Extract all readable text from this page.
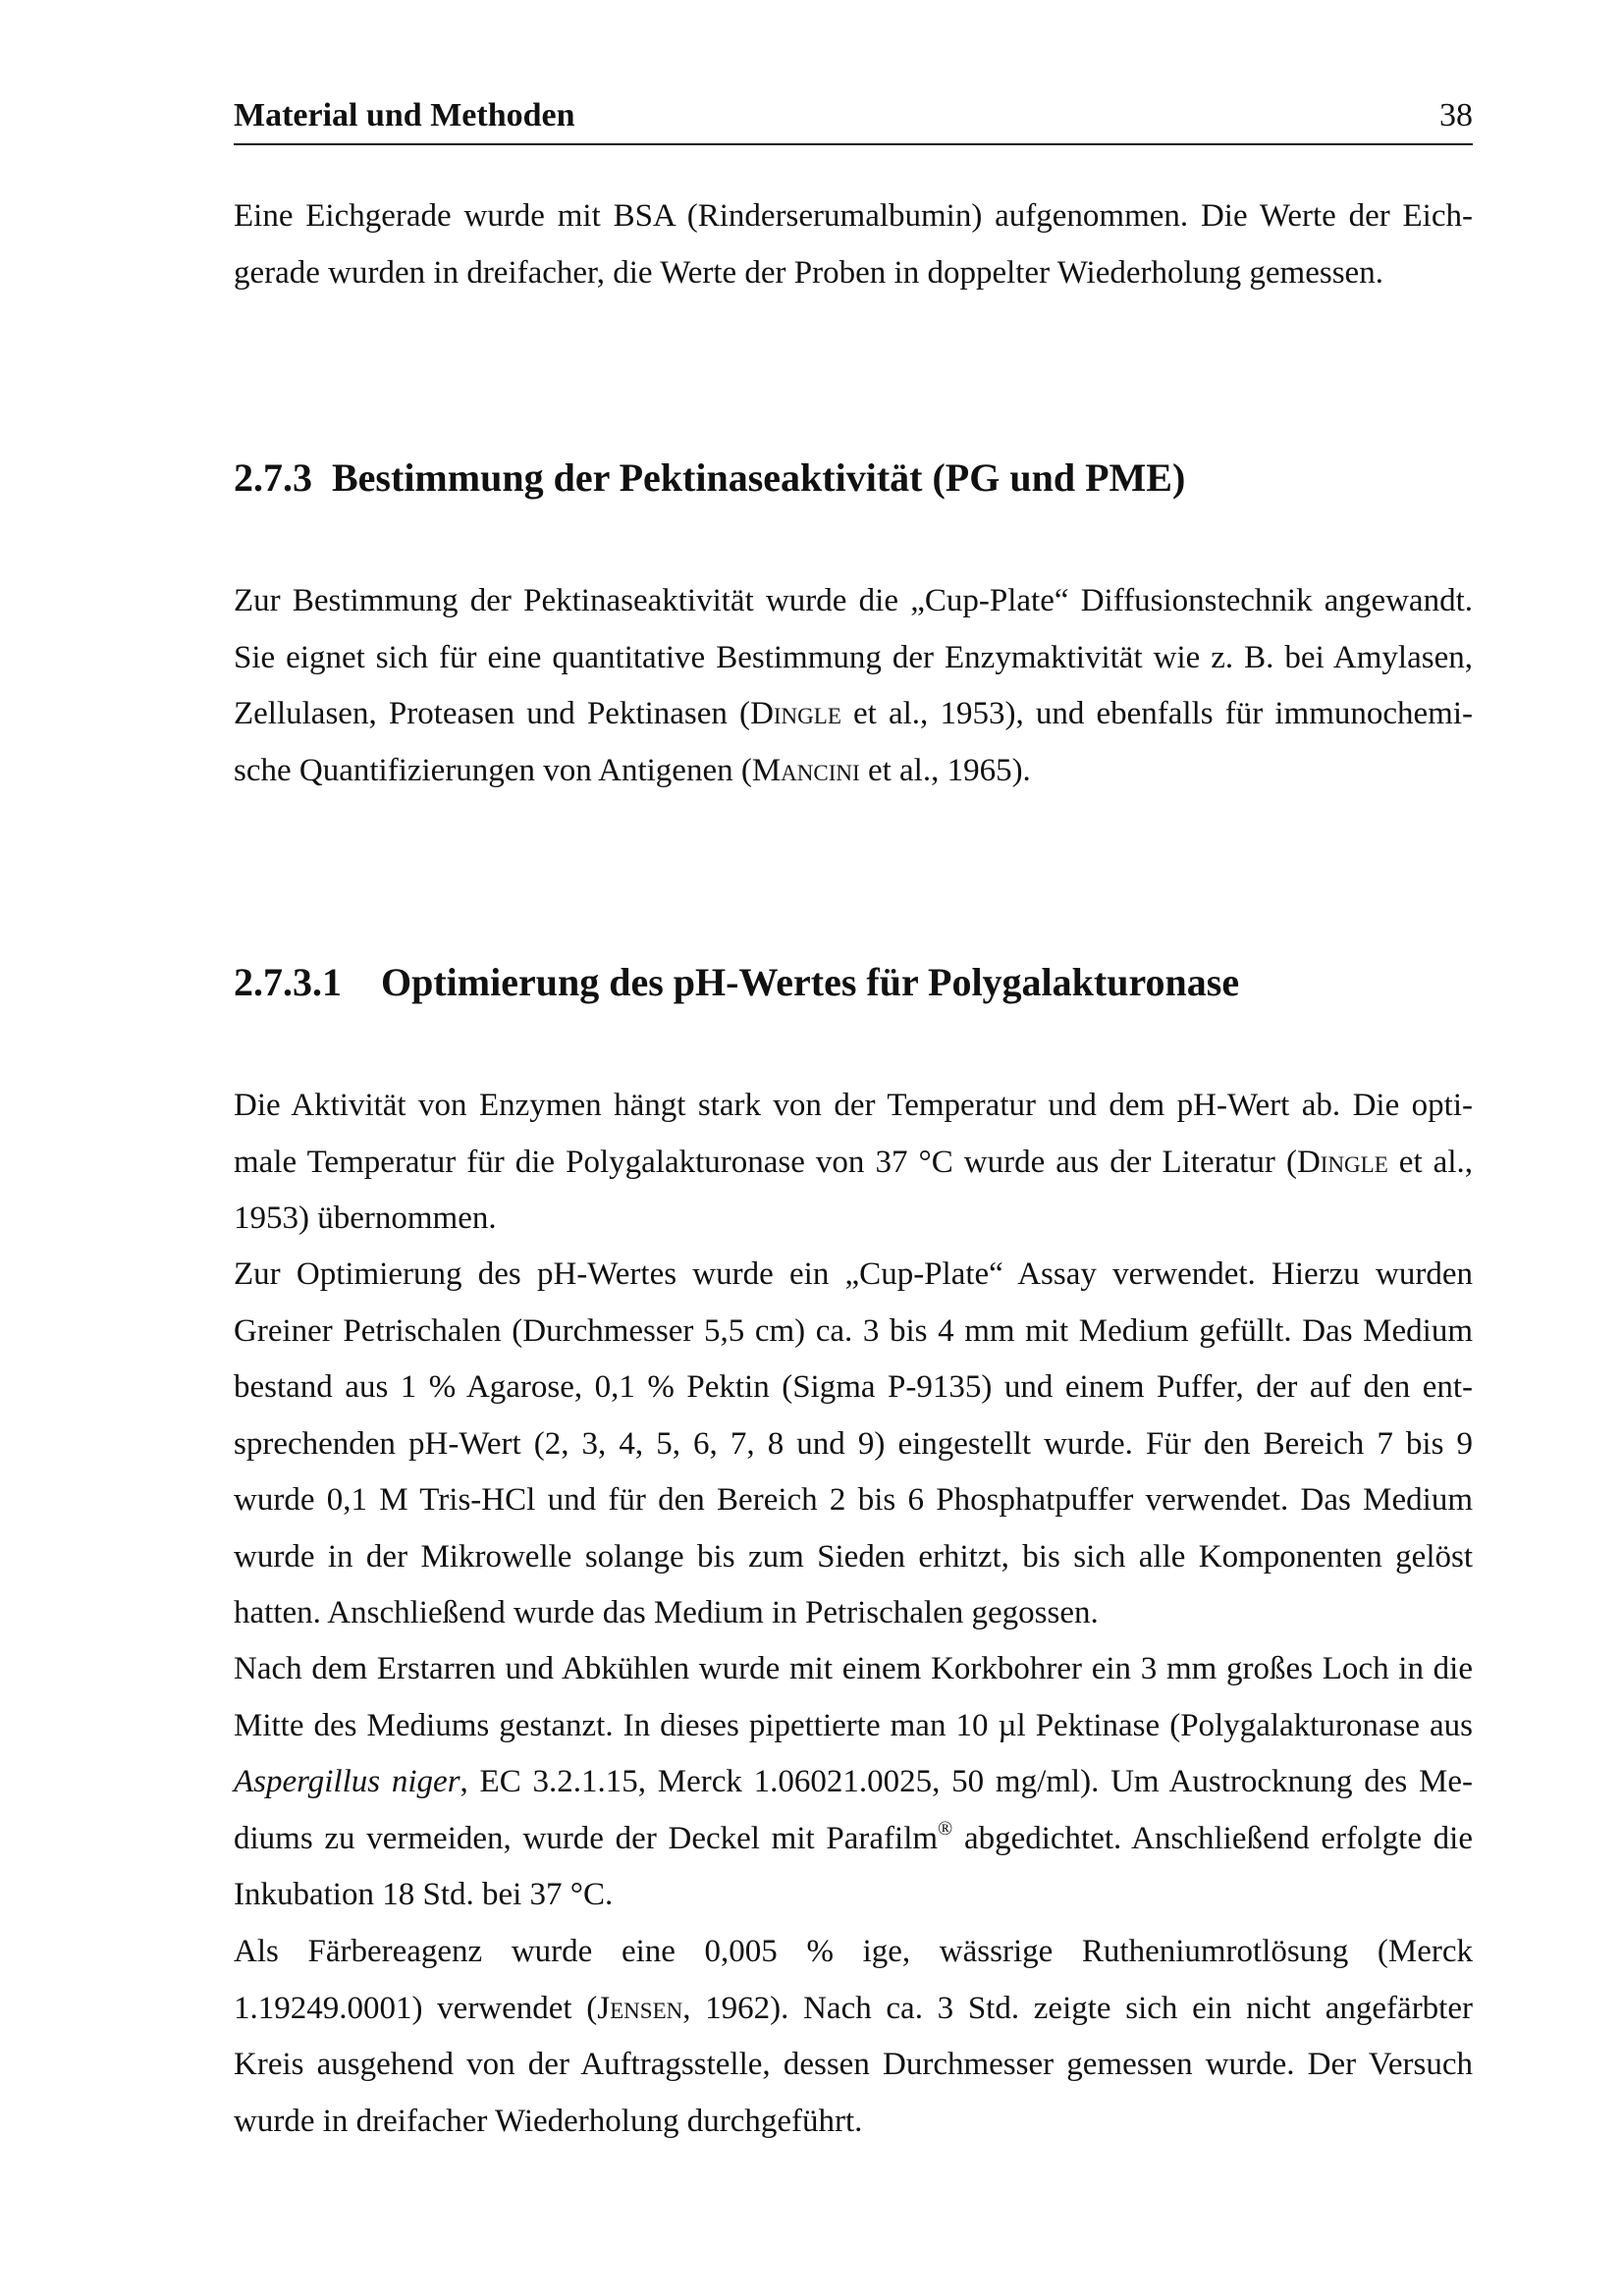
Material und Methoden	38

Eine Eichgerade wurde mit BSA (Rinderserumalbumin) aufgenommen. Die Werte der Eich-
gerade wurden in dreifacher, die Werte der Proben in doppelter Wiederholung gemessen.

2.7.3 Bestimmung der Pektinaseaktivität (PG und PME)

Zur Bestimmung der Pektinaseaktivität wurde die „Cup-Plate“ Diffusionstechnik angewandt.
Sie eignet sich für eine quantitative Bestimmung der Enzymaktivität wie z. B. bei Amylasen,
Zellulasen, Proteasen und Pektinasen (Dingle et al., 1953), und ebenfalls für immunochemi-
sche Quantifizierungen von Antigenen (Mancini et al., 1965).

2.7.3.1 Optimierung des pH-Wertes für Polygalakturonase

Die Aktivität von Enzymen hängt stark von der Temperatur und dem pH-Wert ab. Die opti-
male Temperatur für die Polygalakturonase von 37 °C wurde aus der Literatur (Dingle et al.,
1953) übernommen.

Zur Optimierung des pH-Wertes wurde ein „Cup-Plate“ Assay verwendet. Hierzu wurden
Greiner Petrischalen (Durchmesser 5,5 cm) ca. 3 bis 4 mm mit Medium gefüllt. Das Medium
bestand aus 1 % Agarose, 0,1 % Pektin (Sigma P-9135) und einem Puffer, der auf den ent-
sprechenden pH-Wert (2, 3, 4, 5, 6, 7, 8 und 9) eingestellt wurde. Für den Bereich 7 bis 9
wurde 0,1 M Tris-HCl und für den Bereich 2 bis 6 Phosphatpuffer verwendet. Das Medium
wurde in der Mikrowelle solange bis zum Sieden erhitzt, bis sich alle Komponenten gelöst
hatten. Anschließend wurde das Medium in Petrischalen gegossen.

Nach dem Erstarren und Abkühlen wurde mit einem Korkbohrer ein 3 mm großes Loch in die
Mitte des Mediums gestanzt. In dieses pipettierte man 10 µl Pektinase (Polygalakturonase aus
Aspergillus niger, EC 3.2.1.15, Merck 1.06021.0025, 50 mg/ml). Um Austrocknung des Me-
diums zu vermeiden, wurde der Deckel mit Parafilm® abgedichtet. Anschließend erfolgte die
Inkubation 18 Std. bei 37 °C.

Als Färbereagenz wurde eine 0,005 % ige, wässrige Rutheniumrotlösung (Merck
1.19249.0001) verwendet (Jensen, 1962). Nach ca. 3 Std. zeigte sich ein nicht angefärbter
Kreis ausgehend von der Auftragsstelle, dessen Durchmesser gemessen wurde. Der Versuch
wurde in dreifacher Wiederholung durchgeführt.
